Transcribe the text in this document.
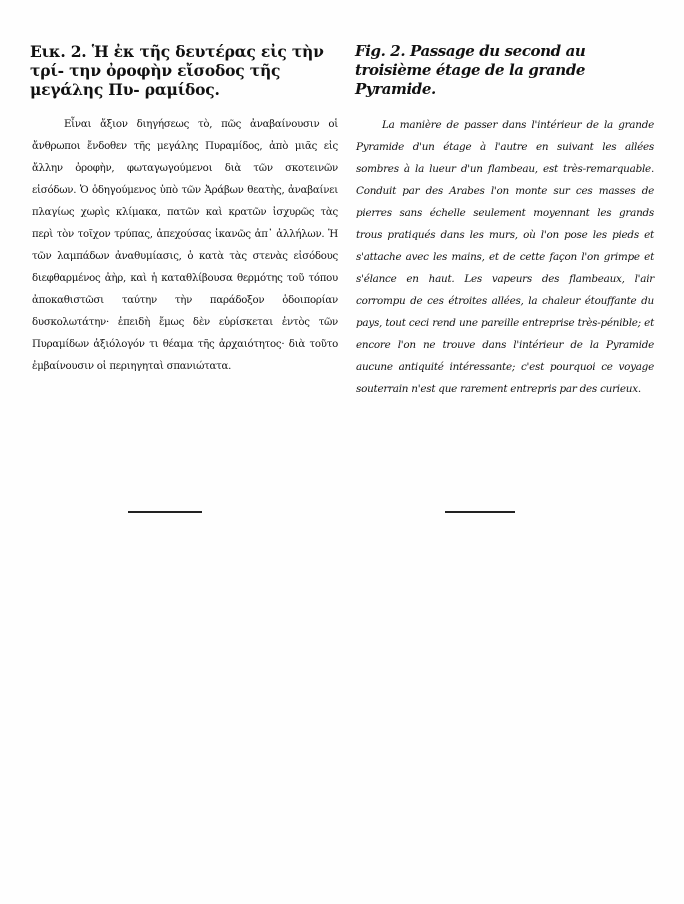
Εικ. 2. Ἡ ἐκ τῆς δευτέρας εἰς τὴν τρί- την ὀροφὴν εἴσοδος τῆς μεγάλης Πυ- ραμίδος.

Εἶναι ἄξιον διηγήσεως τὸ, πῶς ἀναβαίνουσιν οἱ ἄνθρωποι ἔνδοθεν τῆς μεγάλης Πυραμίδος, ἀπὸ μιᾶς εἰς ἄλλην ὀροφὴν, φωταγωγούμενοι διὰ τῶν σκοτεινῶν εἰσόδων. Ὁ ὁδηγούμενος ὑπὸ τῶν Ἀράβων θεατὴς, ἀναβαίνει πλαγίως χωρὶς κλίμακα, πατῶν καὶ κρατῶν ἰσχυρῶς τὰς περὶ τὸν τοῖχον τρύπας, ἀπεχούσας ἱκανῶς ἀπ᾽ ἀλλήλων. Ἡ τῶν λαμπάδων ἀναθυμίασις, ὁ κατὰ τὰς στενὰς εἰσόδους διεφθαρμένος ἀὴρ, καὶ ἡ καταθλίβουσα θερμότης τοῦ τόπου ἀποκαθιστῶσι ταύτην τὴν παράδοξον ὁδοιπορίαν δυσκολωτάτην· ἐπειδὴ ἔμως δὲν εὑρίσκεται ἐντὸς τῶν Πυραμίδων ἀξιόλογόν τι θέαμα τῆς ἀρχαιότητος· διὰ τοῦτο ἐμβαίνουσιν οἱ περιηγηταὶ σπανιώτατα.

Fig. 2. Passage du second au troisième étage de la grande Pyramide.

La manière de passer dans l'intérieur de la grande Pyramide d'un étage à l'autre en suivant les allées sombres à la lueur d'un flambeau, est très-remarquable. Conduit par des Arabes l'on monte sur ces masses de pierres sans échelle seulement moyennant les grands trous pratiqués dans les murs, où l'on pose les pieds et s'attache avec les mains, et de cette façon l'on grimpe et s'élance en haut. Les vapeurs des flambeaux, l'air corrompu de ces étroites allées, la chaleur étouffante du pays, tout ceci rend une pareille entreprise très-pénible; et encore l'on ne trouve dans l'intérieur de la Pyramide aucune antiquité intéressante; c'est pourquoi ce voyage souterrain n'est que rarement entrepris par des curieux.
